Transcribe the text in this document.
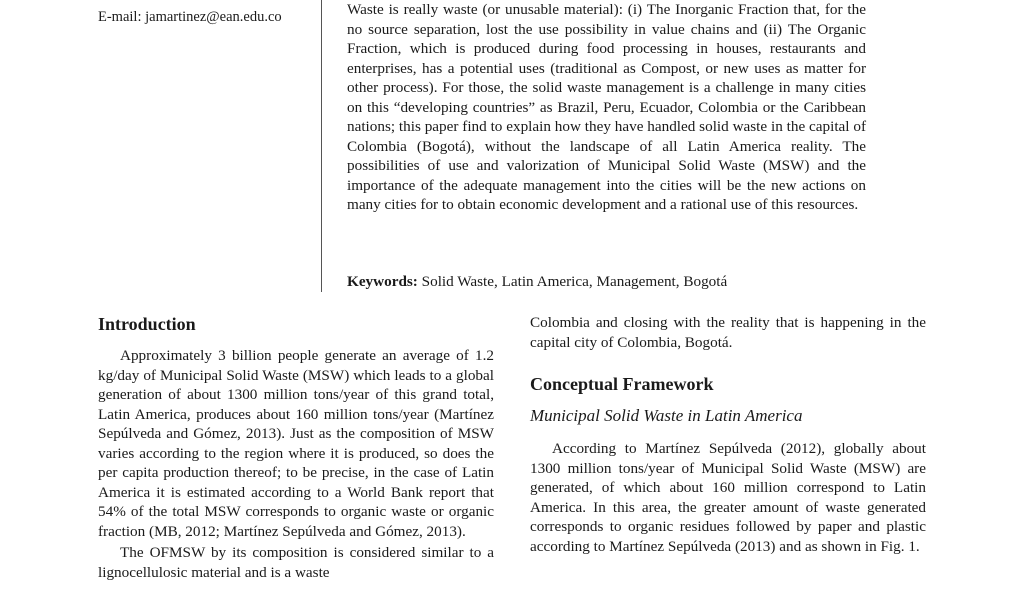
E-mail: jamartinez@ean.edu.co	Waste is really waste (or unusable material): (i) The Inorganic Fraction that, for the no source separation, lost the use possibility in value chains and (ii) The Organic Fraction, which is produced during food processing in houses, restaurants and enterprises, has a potential uses (traditional as Compost, or new uses as matter for other process). For those, the solid waste management is a challenge in many cities on this “developing countries” as Brazil, Peru, Ecuador, Colombia or the Caribbean nations; this paper find to explain how they have handled solid waste in the capital of Colombia (Bogotá), without the landscape of all Latin America reality. The possibilities of use and valorization of Municipal Solid Waste (MSW) and the importance of the adequate management into the cities will be the new actions on many cities for to obtain economic development and a rational use of this resources.
Keywords: Solid Waste, Latin America, Management, Bogotá
Introduction

Approximately 3 billion people generate an average of 1.2 kg/day of Municipal Solid Waste (MSW) which leads to a global generation of about 1300 million tons/year of this grand total, Latin America, produces about 160 million tons/year (Martínez Sepúlveda and Gómez, 2013). Just as the composition of MSW varies according to the region where it is produced, so does the per capita production thereof; to be precise, in the case of Latin America it is estimated according to a World Bank report that 54% of the total MSW corresponds to organic waste or organic fraction (MB, 2012; Martínez Sepúlveda and Gómez, 2013).

The OFMSW by its composition is considered similar to a lignocellulosic material and is a waste

Colombia and closing with the reality that is happening in the capital city of Colombia, Bogotá.
Conceptual Framework
Municipal Solid Waste in Latin America

According to Martínez Sepúlveda (2012), globally about 1300 million tons/year of Municipal Solid Waste (MSW) are generated, of which about 160 million correspond to Latin America. In this area, the greater amount of waste generated corresponds to organic residues followed by paper and plastic according to Martínez Sepúlveda (2013) and as shown in Fig. 1.
